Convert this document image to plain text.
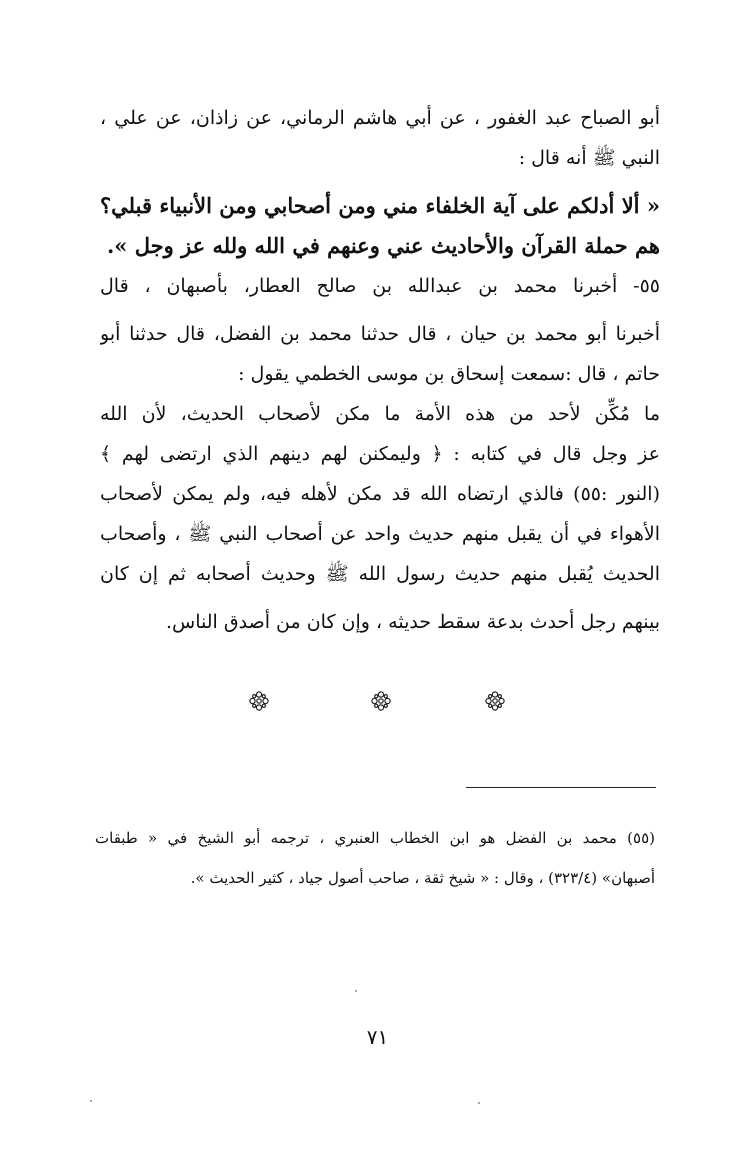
أبو الصباح عبد الغفور ، عن أبي هاشم الرماني، عن زاذان، عن علي ،
النبي ﷺ أنه قال :
« ألا أدلكم على آية الخلفاء مني ومن أصحابي ومن الأنبياء قبلي؟
هم حملة القرآن والأحاديث عني وعنهم في الله ولله عز وجل ».
٥٥- أخبرنا محمد بن عبدالله بن صالح العطار، بأصبهان ، قال
أخبرنا أبو محمد بن حيان ، قال حدثنا محمد بن الفضل، قال حدثنا أبو
حاتم ، قال :سمعت إسحاق بن موسى الخطمي يقول :
ما مُكِّن لأحد من هذه الأمة ما مكن لأصحاب الحديث، لأن الله
عز وجل قال في كتابه : ﴿ وليمكنن لهم دينهم الذي ارتضى لهم ﴾
(النور :٥٥) فالذي ارتضاه الله قد مكن لأهله فيه، ولم يمكن لأصحاب
الأهواء في أن يقبل منهم حديث واحد عن أصحاب النبي ﷺ ، وأصحاب
الحديث يُقبل منهم حديث رسول الله ﷺ وحديث أصحابه ثم إن كان
بينهم رجل أحدث بدعة سقط حديثه ، وإن كان من أصدق الناس.
(٥٥) محمد بن الفضل هو ابن الخطاب العنبري ، ترجمه أبو الشيخ في « طبقات
أصبهان» (٣٢٣/٤) ، وقال : « شيخ ثقة ، صاحب أصول جياد ، كثير الحديث ».
٧١
